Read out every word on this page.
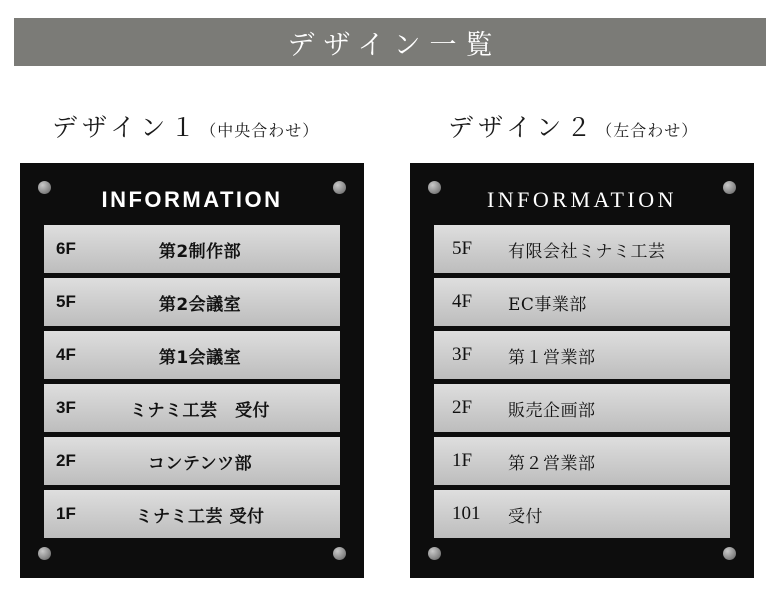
デザイン一覧
デザイン１ （中央合わせ）	デザイン２ （左合わせ）
INFORMATION
6F	第2制作部
5F	第2会議室
4F	第1会議室
3F	ミナミ工芸　受付
2F	コンテンツ部
1F	ミナミ工芸 受付
INFORMATION
5F	有限会社ミナミ工芸
4F	EC事業部
3F	第１営業部
2F	販売企画部
1F	第２営業部
101	受付
